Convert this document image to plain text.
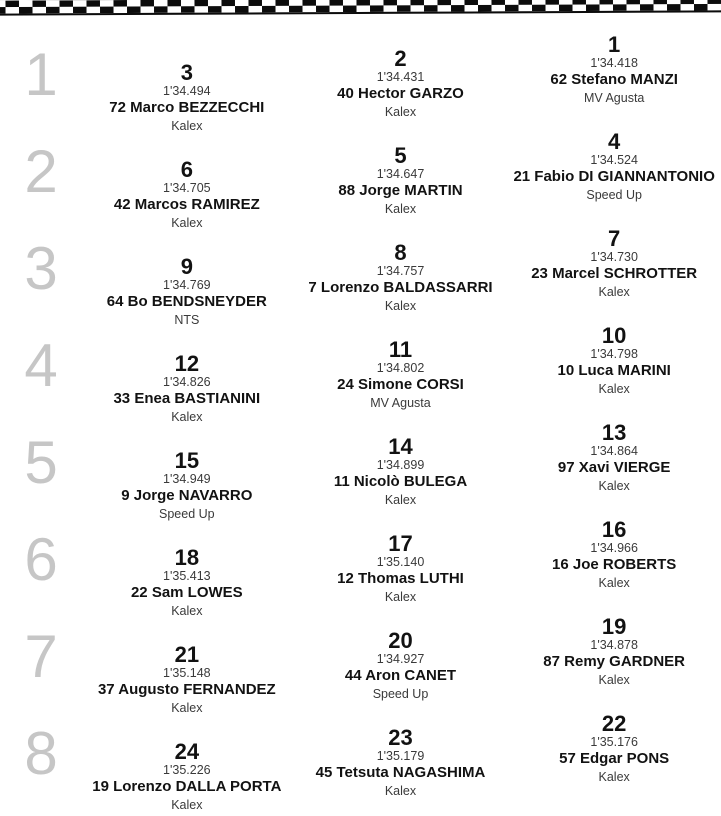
1	3
1'34.494
72 Marco BEZZECCHI
Kalex
2
1'34.431
40 Hector GARZO
Kalex
1
1'34.418
62 Stefano MANZI
MV Agusta
2	6
1'34.705
42 Marcos RAMIREZ
Kalex
5
1'34.647
88 Jorge MARTIN
Kalex
4
1'34.524
21 Fabio DI GIANNANTONIO
Speed Up
3	9
1'34.769
64 Bo BENDSNEYDER
NTS
8
1'34.757
7 Lorenzo BALDASSARRI
Kalex
7
1'34.730
23 Marcel SCHROTTER
Kalex
4	12
1'34.826
33 Enea BASTIANINI
Kalex
11
1'34.802
24 Simone CORSI
MV Agusta
10
1'34.798
10 Luca MARINI
Kalex
5	15
1'34.949
9 Jorge NAVARRO
Speed Up
14
1'34.899
11 Nicolò BULEGA
Kalex
13
1'34.864
97 Xavi VIERGE
Kalex
6	18
1'35.413
22 Sam LOWES
Kalex
17
1'35.140
12 Thomas LUTHI
Kalex
16
1'34.966
16 Joe ROBERTS
Kalex
7	21
1'35.148
37 Augusto FERNANDEZ
Kalex
20
1'34.927
44 Aron CANET
Speed Up
19
1'34.878
87 Remy GARDNER
Kalex
8	24
1'35.226
19 Lorenzo DALLA PORTA
Kalex
23
1'35.179
45 Tetsuta NAGASHIMA
Kalex
22
1'35.176
57 Edgar PONS
Kalex
